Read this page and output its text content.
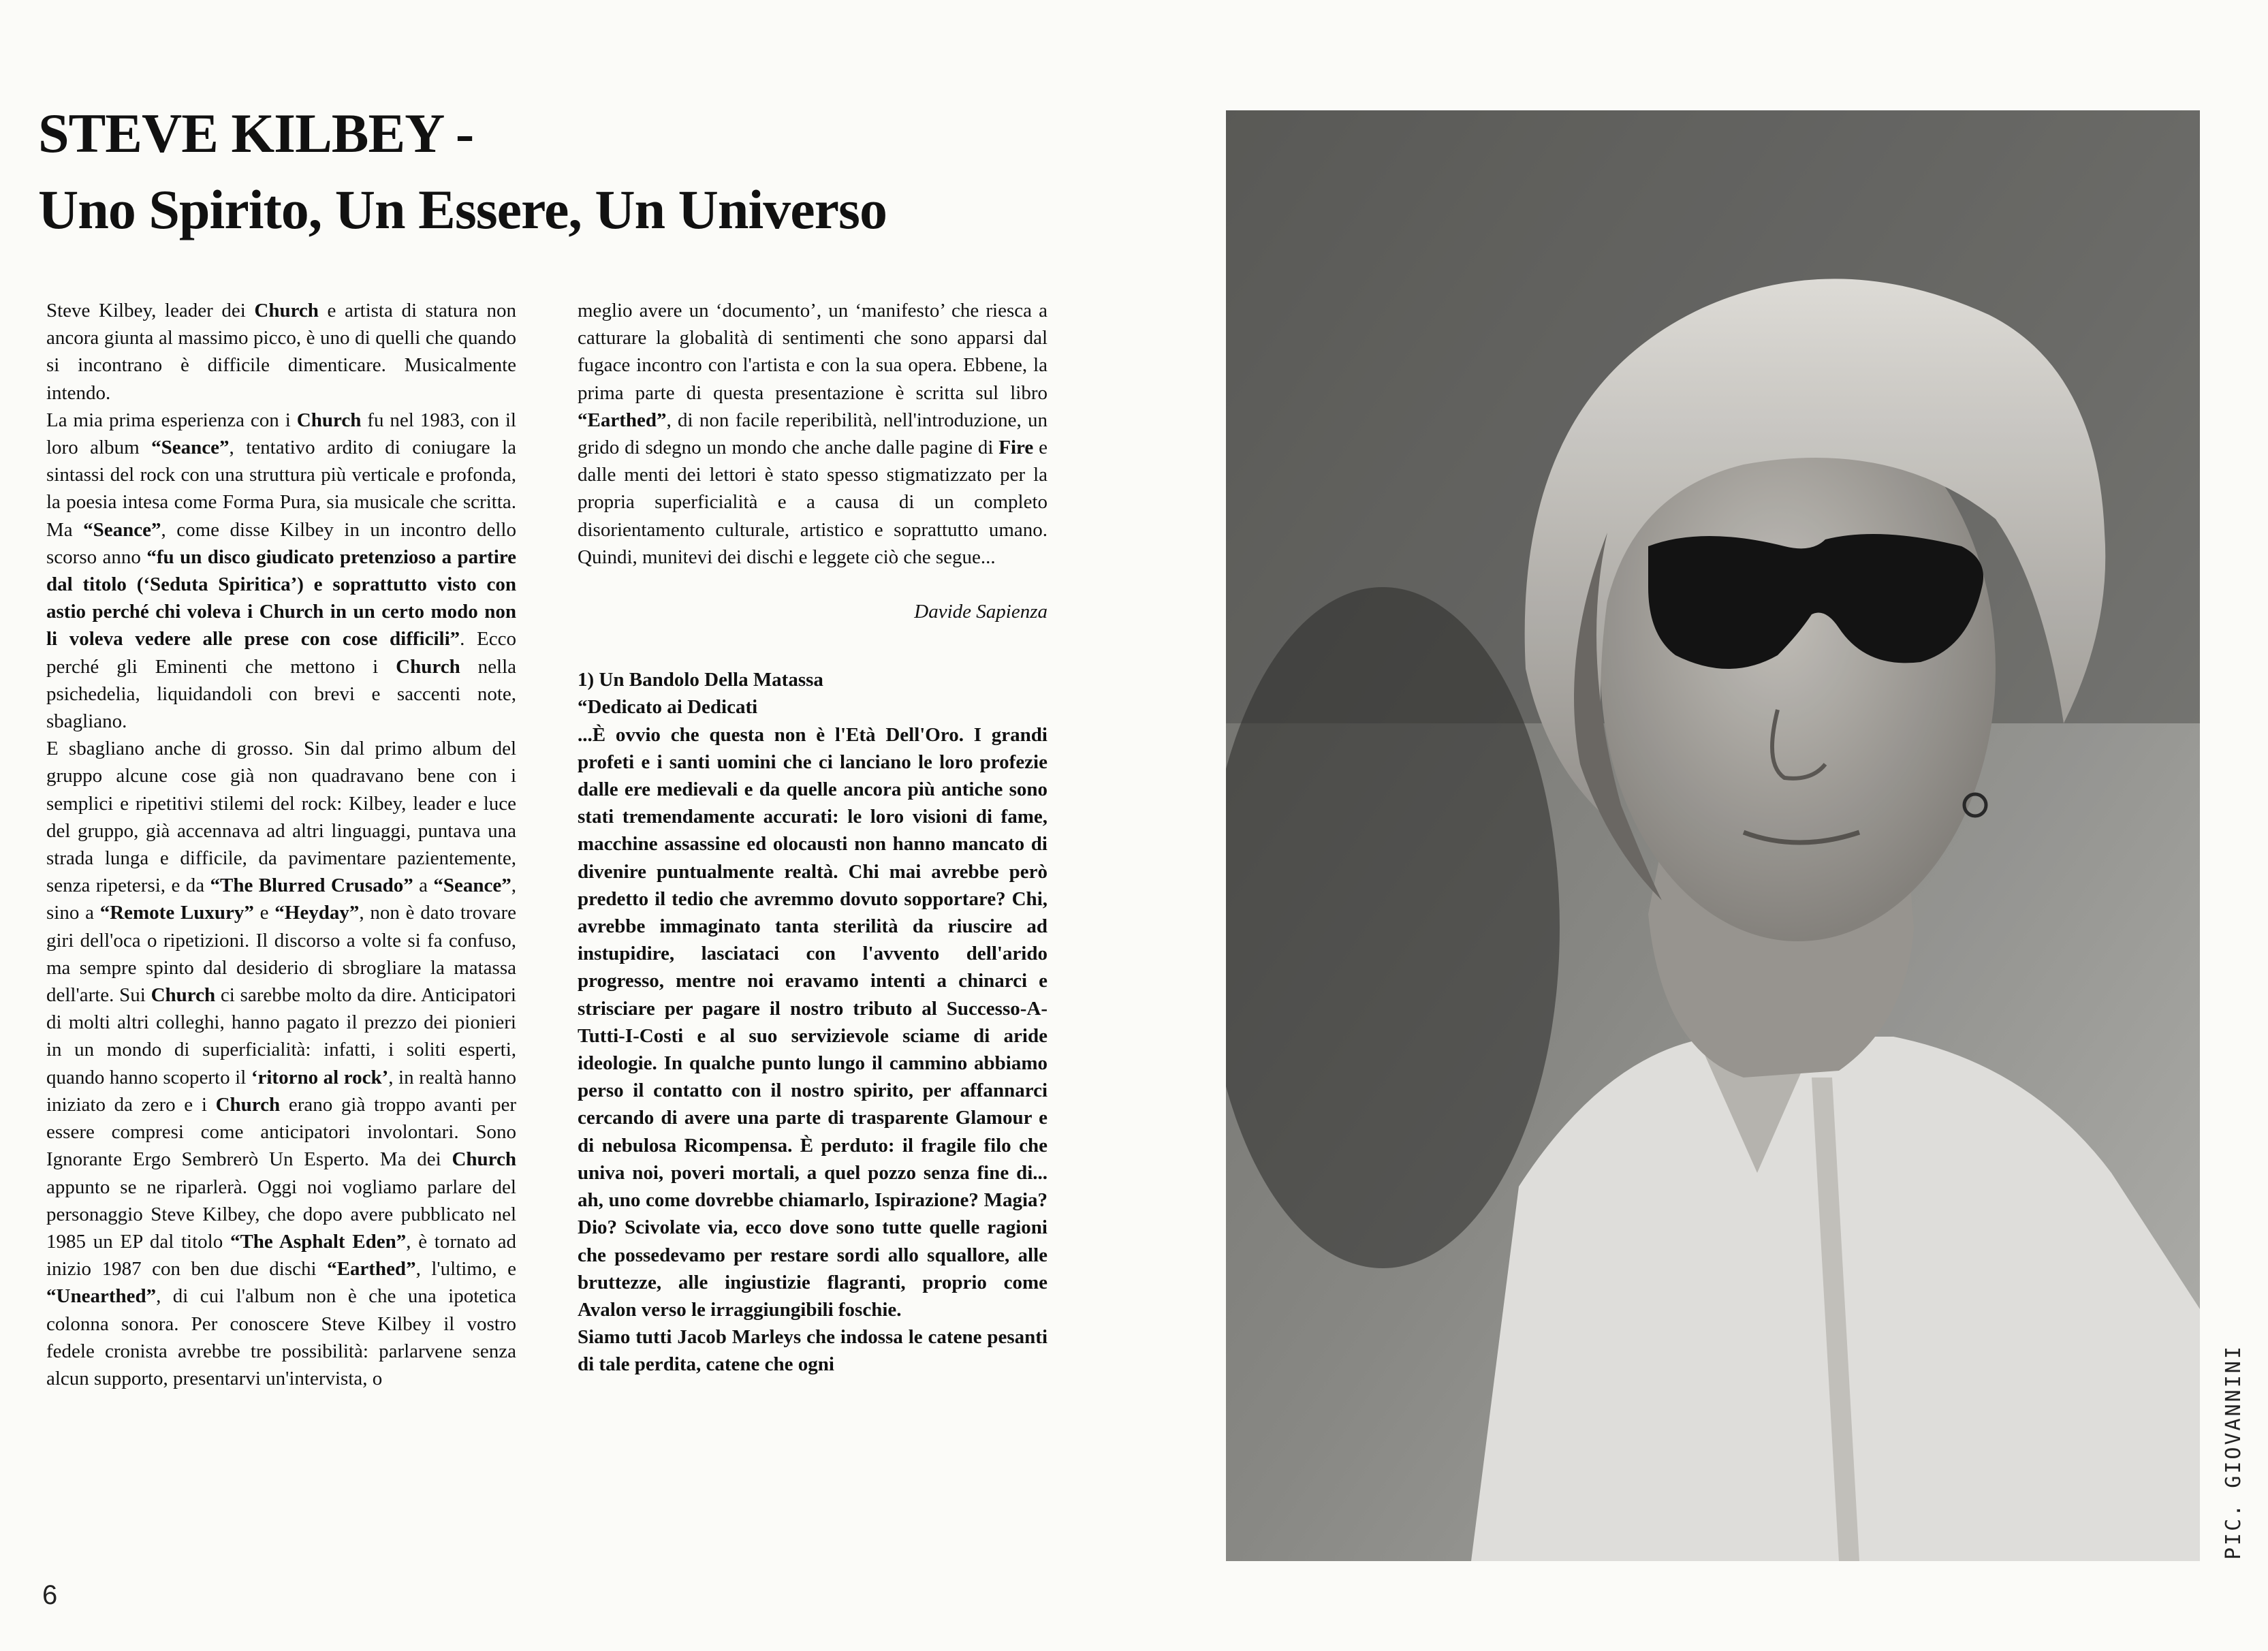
STEVE KILBEY -
Uno Spirito, Un Essere, Un Universo

Steve Kilbey, leader dei Church e artista di statura non ancora giunta al massimo picco, è uno di quelli che quando si incontrano è difficile dimenticare. Musicalmente intendo.

La mia prima esperienza con i Church fu nel 1983, con il loro album “Seance”, tentativo ardito di coniugare la sintassi del rock con una struttura più verticale e profonda, la poesia intesa come Forma Pura, sia musicale che scritta. Ma “Seance”, come disse Kilbey in un incontro dello scorso anno “fu un disco giudicato pretenzioso a partire dal titolo (‘Seduta Spiritica’) e soprattutto visto con astio perché chi voleva i Church in un certo modo non li voleva vedere alle prese con cose difficili”. Ecco perché gli Eminenti che mettono i Church nella psichedelia, liquidandoli con brevi e saccenti note, sbagliano.

E sbagliano anche di grosso. Sin dal primo album del gruppo alcune cose già non quadravano bene con i semplici e ripetitivi stilemi del rock: Kilbey, leader e luce del gruppo, già accennava ad altri linguaggi, puntava una strada lunga e difficile, da pavimentare pazientemente, senza ripetersi, e da “The Blurred Crusado” a “Seance”, sino a “Remote Luxury” e “Heyday”, non è dato trovare giri dell'oca o ripetizioni. Il discorso a volte si fa confuso, ma sempre spinto dal desiderio di sbrogliare la matassa dell'arte. Sui Church ci sarebbe molto da dire. Anticipatori di molti altri colleghi, hanno pagato il prezzo dei pionieri in un mondo di superficialità: infatti, i soliti esperti, quando hanno scoperto il ‘ritorno al rock’, in realtà hanno iniziato da zero e i Church erano già troppo avanti per essere compresi come anticipatori involontari. Sono Ignorante Ergo Sembrerò Un Esperto. Ma dei Church appunto se ne riparlerà. Oggi noi vogliamo parlare del personaggio Steve Kilbey, che dopo avere pubblicato nel 1985 un EP dal titolo “The Asphalt Eden”, è tornato ad inizio 1987 con ben due dischi “Earthed”, l'ultimo, e “Unearthed”, di cui l'album non è che una ipotetica colonna sonora. Per conoscere Steve Kilbey il vostro fedele cronista avrebbe tre possibilità: parlarvene senza alcun supporto, presentarvi un'intervista, o

meglio avere un ‘documento’, un ‘manifesto’ che riesca a catturare la globalità di sentimenti che sono apparsi dal fugace incontro con l'artista e con la sua opera. Ebbene, la prima parte di questa presentazione è scritta sul libro “Earthed”, di non facile reperibilità, nell'introduzione, un grido di sdegno un mondo che anche dalle pagine di Fire e dalle menti dei lettori è stato spesso stigmatizzato per la propria superficialità e a causa di un completo disorientamento culturale, artistico e soprattutto umano. Quindi, munitevi dei dischi e leggete ciò che segue...

Davide Sapienza

1) Un Bandolo Della Matassa
“Dedicato ai Dedicati

...È ovvio che questa non è l'Età Dell'Oro. I grandi profeti e i santi uomini che ci lanciano le loro profezie dalle ere medievali e da quelle ancora più antiche sono stati tremendamente accurati: le loro visioni di fame, macchine assassine ed olocausti non hanno mancato di divenire puntualmente realtà. Chi mai avrebbe però predetto il tedio che avremmo dovuto sopportare? Chi, avrebbe immaginato tanta sterilità da riuscire ad instupidire, lasciataci con l'avvento dell'arido progresso, mentre noi eravamo intenti a chinarci e strisciare per pagare il nostro tributo al Successo-A-Tutti-I-Costi e al suo servizievole sciame di aride ideologie. In qualche punto lungo il cammino abbiamo perso il contatto con il nostro spirito, per affannarci cercando di avere una parte di trasparente Glamour e di nebulosa Ricompensa. È perduto: il fragile filo che univa noi, poveri mortali, a quel pozzo senza fine di... ah, uno come dovrebbe chiamarlo, Ispirazione? Magia? Dio? Scivolate via, ecco dove sono tutte quelle ragioni che possedevamo per restare sordi allo squallore, alle bruttezze, alle ingiustizie flagranti, proprio come Avalon verso le irraggiungibili foschie.

Siamo tutti Jacob Marleys che indossa le catene pesanti di tale perdita, catene che ogni

6
PIC. GIOVANNINI
